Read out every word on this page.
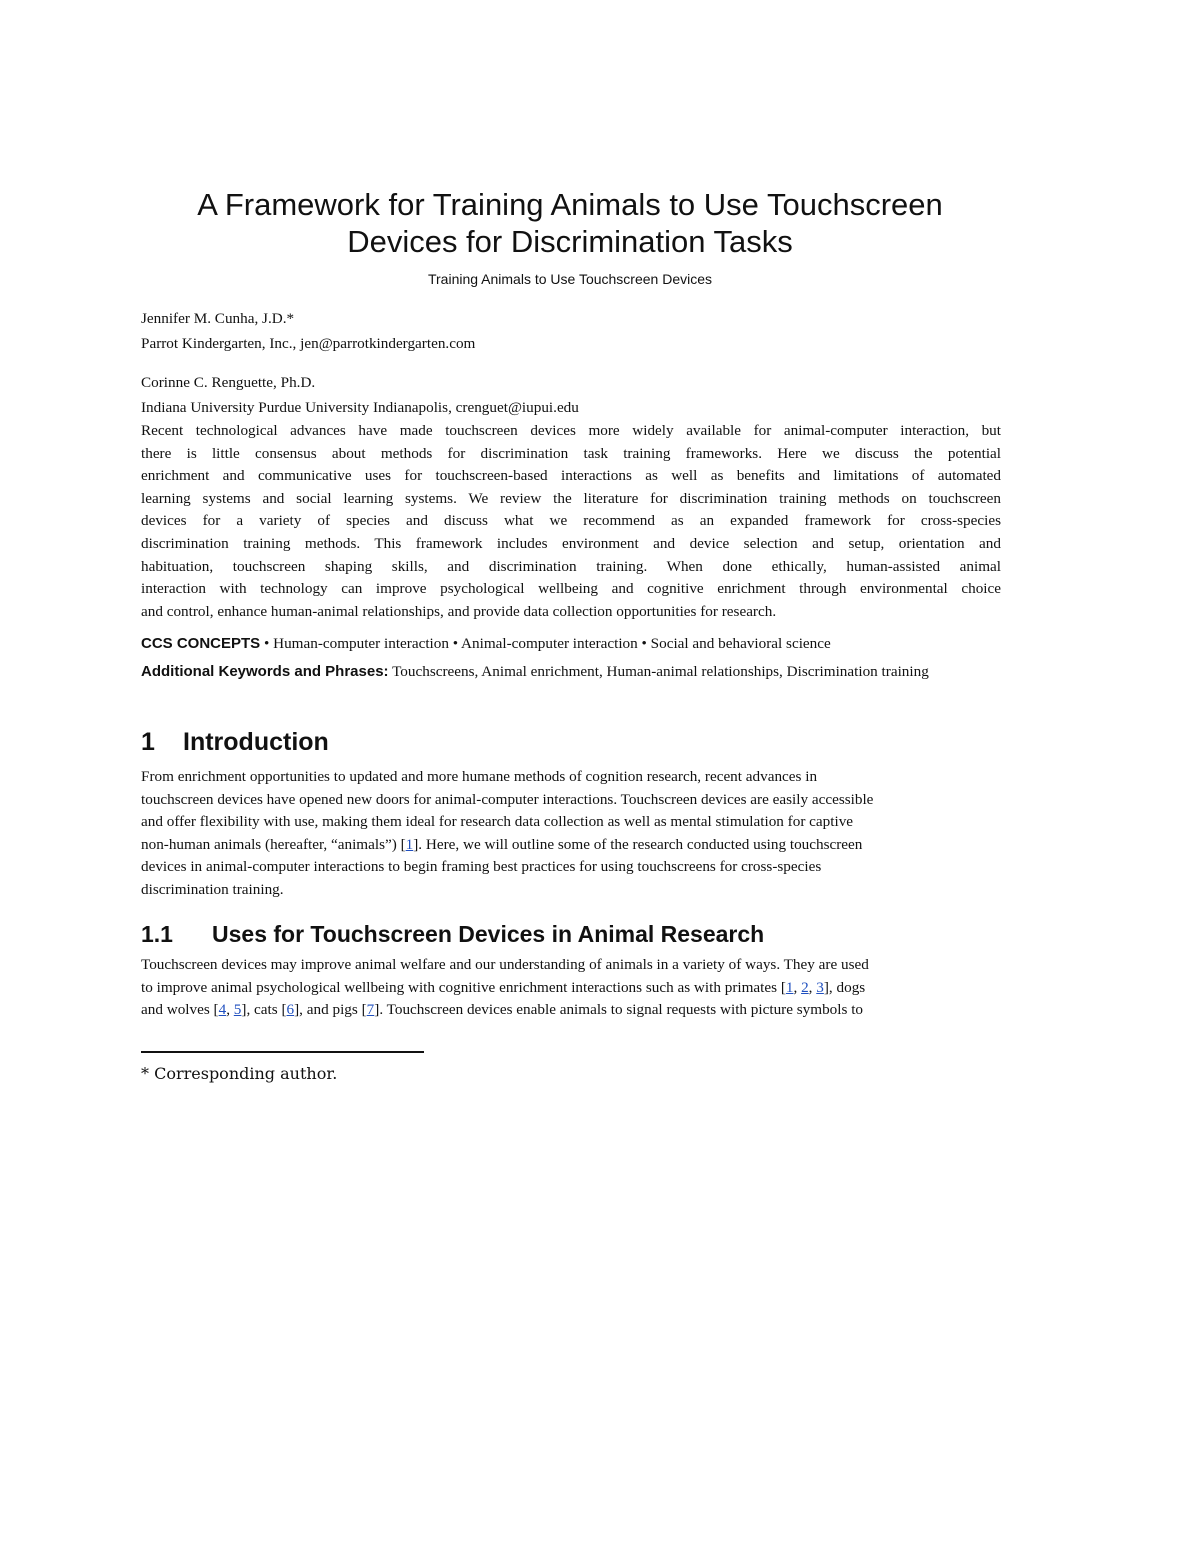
A Framework for Training Animals to Use Touchscreen
Devices for Discrimination Tasks
Training Animals to Use Touchscreen Devices
Jennifer M. Cunha, J.D.*
Parrot Kindergarten, Inc., jen@parrotkindergarten.com
Corinne C. Renguette, Ph.D.
Indiana University Purdue University Indianapolis, crenguet@iupui.edu
Recent technological advances have made touchscreen devices more widely available for animal-computer interaction, but
there is little consensus about methods for discrimination task training frameworks. Here we discuss the potential
enrichment and communicative uses for touchscreen-based interactions as well as benefits and limitations of automated
learning systems and social learning systems. We review the literature for discrimination training methods on touchscreen
devices for a variety of species and discuss what we recommend as an expanded framework for cross-species
discrimination training methods. This framework includes environment and device selection and setup, orientation and
habituation, touchscreen shaping skills, and discrimination training. When done ethically, human-assisted animal
interaction with technology can improve psychological wellbeing and cognitive enrichment through environmental choice
and control, enhance human-animal relationships, and provide data collection opportunities for research.
CCS CONCEPTS • Human-computer interaction • Animal-computer interaction • Social and behavioral science
Additional Keywords and Phrases: Touchscreens, Animal enrichment, Human-animal relationships, Discrimination training
1 Introduction

From enrichment opportunities to updated and more humane methods of cognition research, recent advances in

touchscreen devices have opened new doors for animal-computer interactions. Touchscreen devices are easily accessible

and offer flexibility with use, making them ideal for research data collection as well as mental stimulation for captive

non-human animals (hereafter, “animals”) [1]. Here, we will outline some of the research conducted using touchscreen

devices in animal-computer interactions to begin framing best practices for using touchscreens for cross-species

discrimination training.

1.1 Uses for Touchscreen Devices in Animal Research

Touchscreen devices may improve animal welfare and our understanding of animals in a variety of ways. They are used

to improve animal psychological wellbeing with cognitive enrichment interactions such as with primates [1, 2, 3], dogs

and wolves [4, 5], cats [6], and pigs [7]. Touchscreen devices enable animals to signal requests with picture symbols to

* Corresponding author.
